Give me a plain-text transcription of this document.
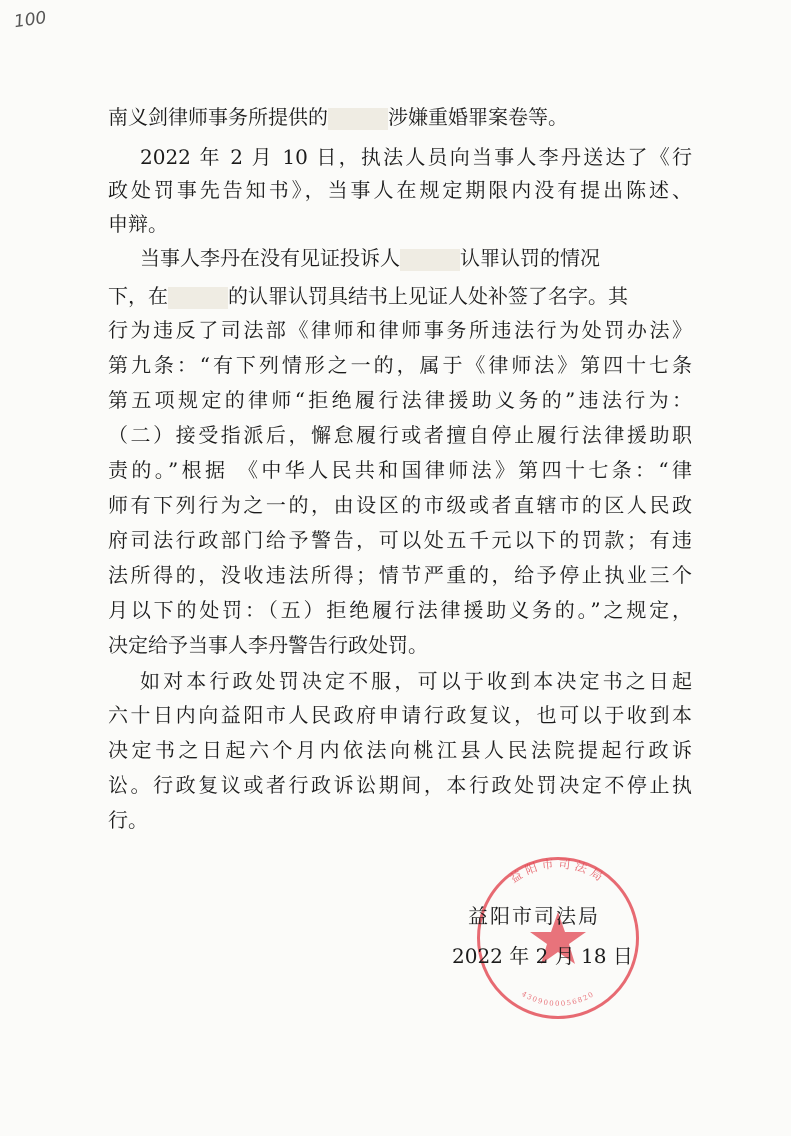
100
南义剑律师事务所提供的	涉嫌重婚罪案卷等。
2022 年 2 月 10 日，执法人员向当事人李丹送达了《行
政处罚事先告知书》，当事人在规定期限内没有提出陈述、
申辩。
当事人李丹在没有见证投诉人	认罪认罚的情况
下，在	的认罪认罚具结书上见证人处补签了名字。其
行为违反了司法部《律师和律师事务所违法行为处罚办法》
第九条：“有下列情形之一的，属于《律师法》第四十七条
第五项规定的律师“拒绝履行法律援助义务的”违法行为：
（二）接受指派后，懈怠履行或者擅自停止履行法律援助职
责的。”根据 《中华人民共和国律师法》第四十七条：“律
师有下列行为之一的，由设区的市级或者直辖市的区人民政
府司法行政部门给予警告，可以处五千元以下的罚款；有违
法所得的，没收违法所得；情节严重的，给予停止执业三个
月以下的处罚：（五）拒绝履行法律援助义务的。”之规定，
决定给予当事人李丹警告行政处罚。
如对本行政处罚决定不服，可以于收到本决定书之日起
六十日内向益阳市人民政府申请行政复议，也可以于收到本
决定书之日起六个月内依法向桃江县人民法院提起行政诉
讼。行政复议或者行政诉讼期间，本行政处罚决定不停止执
行。
益阳市司法局
4309000056820
益阳市司法局
2022 年 2 月 18 日
